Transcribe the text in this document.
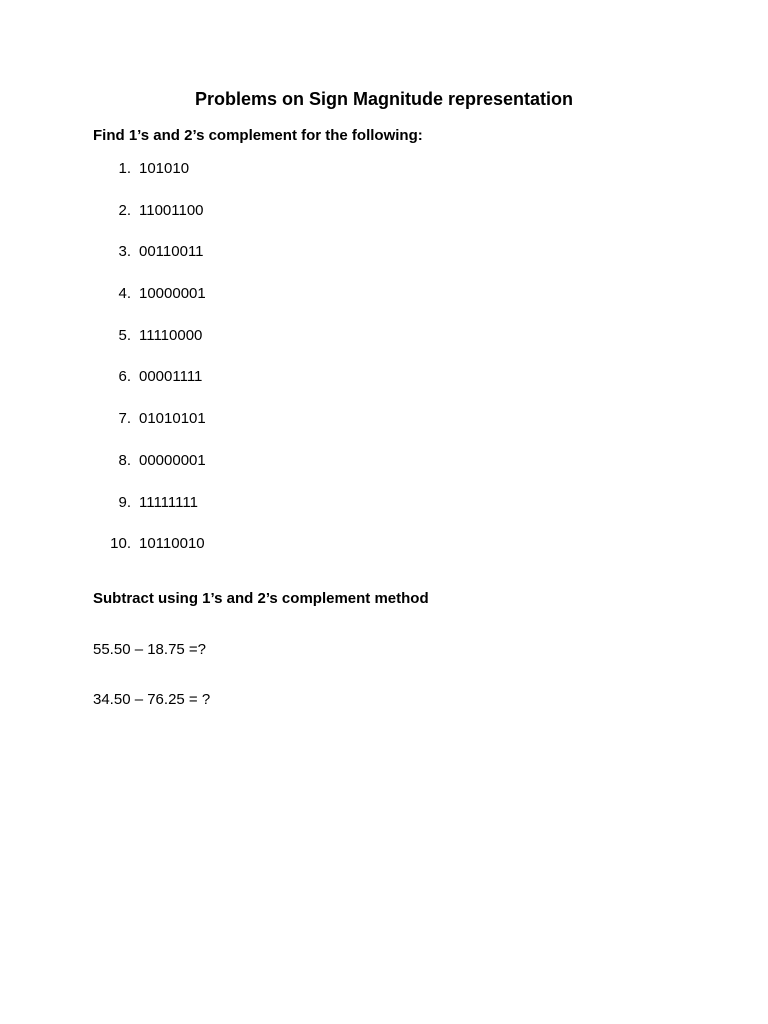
Problems on Sign Magnitude representation
Find 1’s and 2’s complement for the following:
1. 101010
2. 11001100
3. 00110011
4. 10000001
5. 11110000
6. 00001111
7. 01010101
8. 00000001
9. 11111111
10. 10110010
Subtract using 1’s and 2’s complement method
55.50 – 18.75 =?
34.50 – 76.25 = ?
